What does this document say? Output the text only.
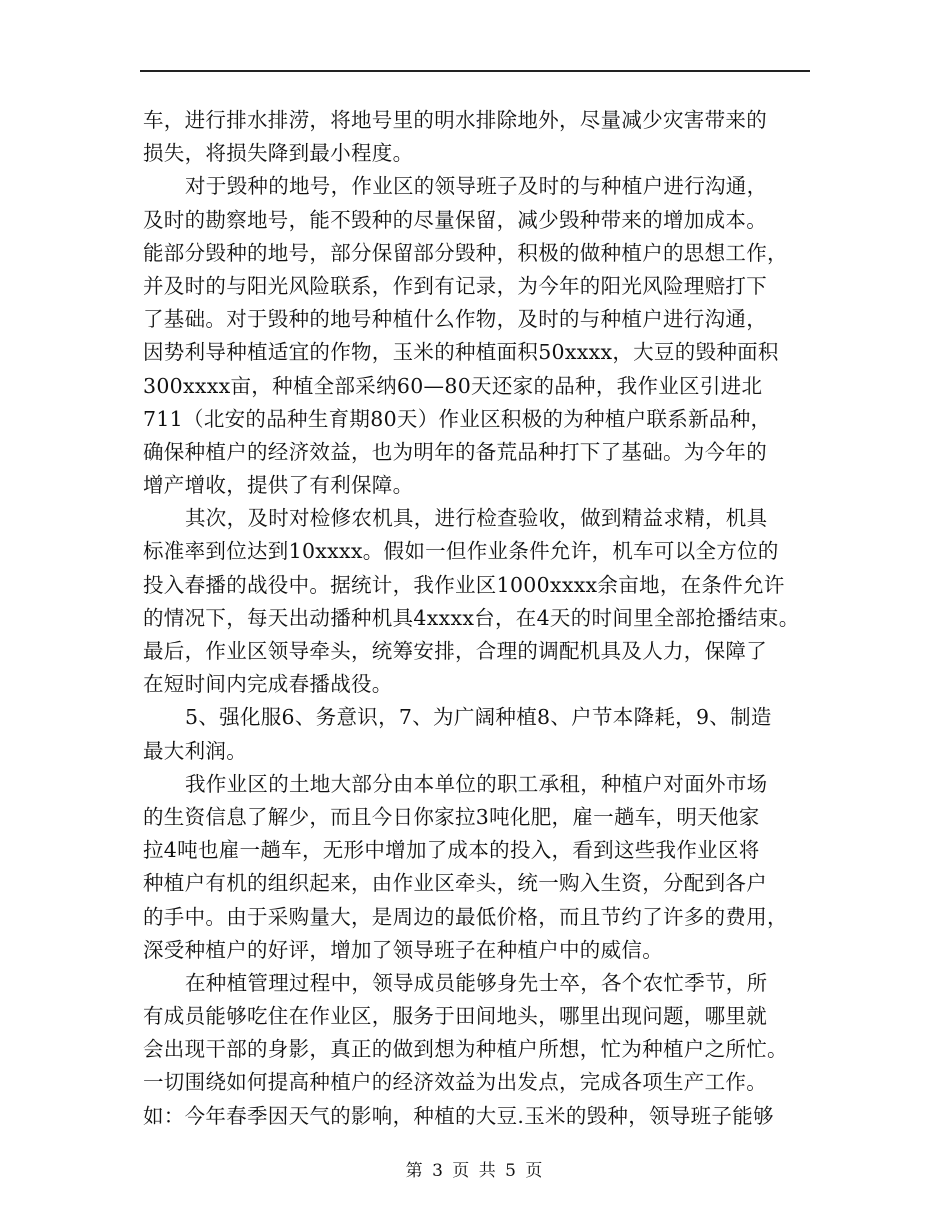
车，进行排水排涝，将地号里的明水排除地外，尽量减少灾害带来的
损失，将损失降到最小程度。
对于毁种的地号，作业区的领导班子及时的与种植户进行沟通，
及时的勘察地号，能不毁种的尽量保留，减少毁种带来的增加成本。
能部分毁种的地号，部分保留部分毁种，积极的做种植户的思想工作，
并及时的与阳光风险联系，作到有记录，为今年的阳光风险理赔打下
了基础。对于毁种的地号种植什么作物，及时的与种植户进行沟通，
因势利导种植适宜的作物，玉米的种植面积50xxxx，大豆的毁种面积
300xxxx亩，种植全部采纳60—80天还家的品种，我作业区引进北
711（北安的品种生育期80天）作业区积极的为种植户联系新品种，
确保种植户的经济效益，也为明年的备荒品种打下了基础。为今年的
增产增收，提供了有利保障。
其次，及时对检修农机具，进行检查验收，做到精益求精，机具
标准率到位达到10xxxx。假如一但作业条件允许，机车可以全方位的
投入春播的战役中。据统计，我作业区1000xxxx余亩地，在条件允许
的情况下，每天出动播种机具4xxxx台，在4天的时间里全部抢播结束。
最后，作业区领导牵头，统筹安排，合理的调配机具及人力，保障了
在短时间内完成春播战役。
5、强化服6、务意识，7、为广阔种植8、户节本降耗，9、制造
最大利润。
我作业区的土地大部分由本单位的职工承租，种植户对面外市场
的生资信息了解少，而且今日你家拉3吨化肥，雇一趟车，明天他家
拉4吨也雇一趟车，无形中增加了成本的投入，看到这些我作业区将
种植户有机的组织起来，由作业区牵头，统一购入生资，分配到各户
的手中。由于采购量大，是周边的最低价格，而且节约了许多的费用，
深受种植户的好评，增加了领导班子在种植户中的威信。
在种植管理过程中，领导成员能够身先士卒，各个农忙季节，所
有成员能够吃住在作业区，服务于田间地头，哪里出现问题，哪里就
会出现干部的身影，真正的做到想为种植户所想，忙为种植户之所忙。
一切围绕如何提高种植户的经济效益为出发点，完成各项生产工作。
如：今年春季因天气的影响，种植的大豆.玉米的毁种，领导班子能够
第 3 页 共 5 页
